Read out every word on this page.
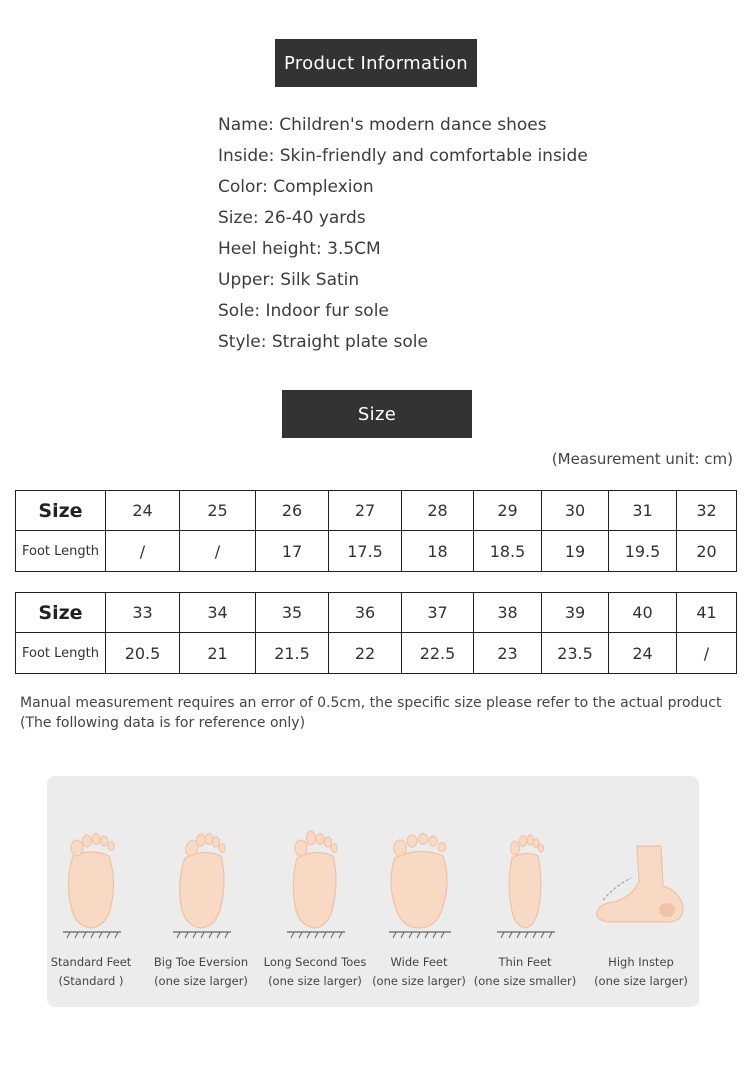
Product Information
Name: Children's modern dance shoes
Inside: Skin-friendly and comfortable inside
Color: Complexion
Size: 26-40 yards
Heel height: 3.5CM
Upper: Silk Satin
Sole: Indoor fur sole
Style: Straight plate sole
Size
(Measurement unit: cm)
Size	24	25	26	27	28	29	30	31	32
Foot Length	/	/	17	17.5	18	18.5	19	19.5	20
Size	33	34	35	36	37	38	39	40	41
Foot Length	20.5	21	21.5	22	22.5	23	23.5	24	/
Manual measurement requires an error of 0.5cm, the specific size please refer to the actual product (The following data is for reference only)
Standard Feet
(Standard )
Big Toe Eversion
(one size larger)
Long Second Toes
(one size larger)
Wide Feet
(one size larger)
Thin Feet
(one size smaller)
High Instep
(one size larger)
